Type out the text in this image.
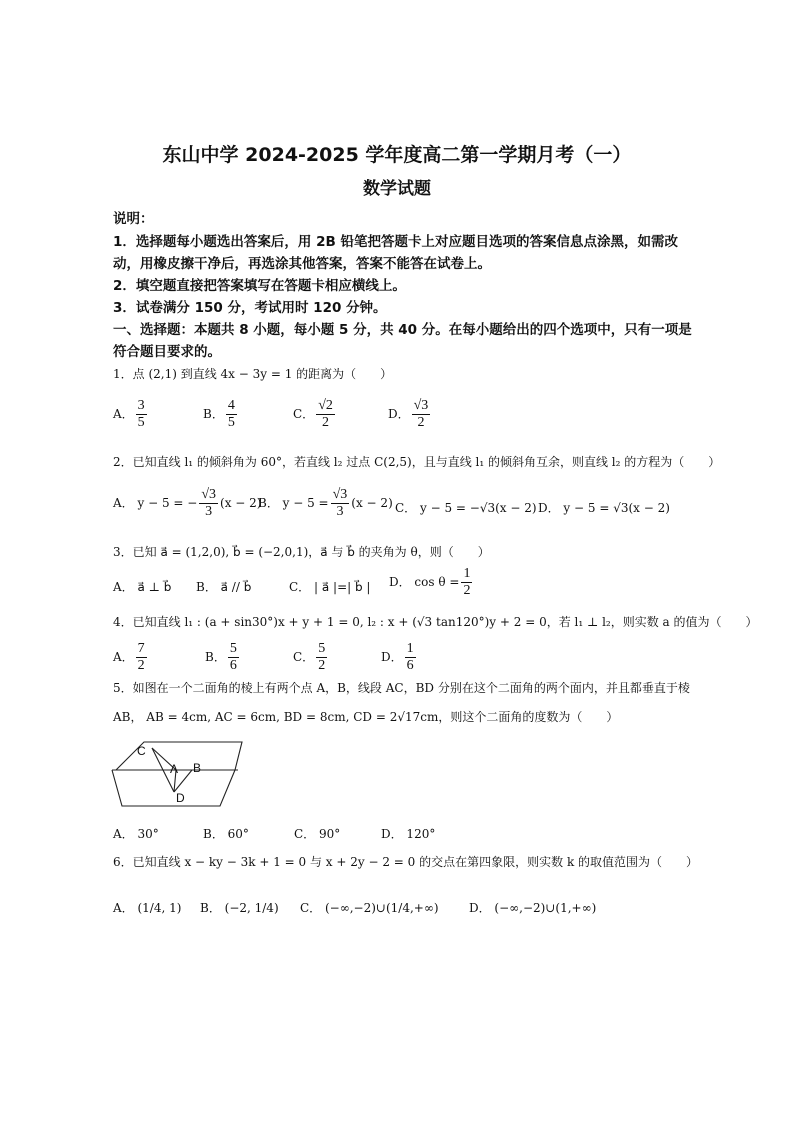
东山中学 2024-2025 学年度高二第一学期月考（一）
数学试题
说明：
1．选择题每小题选出答案后，用 2B 铅笔把答题卡上对应题目选项的答案信息点涂黑，如需改
动，用橡皮擦干净后，再选涂其他答案，答案不能答在试卷上。
2．填空题直接把答案填写在答题卡相应横线上。
3．试卷满分 150 分，考试用时 120 分钟。
一、选择题：本题共 8 小题，每小题 5 分，共 40 分。在每小题给出的四个选项中，只有一项是
符合题目要求的。
1．点 (2,1) 到直线 4x − 3y = 1 的距离为（　　）
A． $\frac{3}{5}$	B． $\frac{4}{5}$	C． $\frac{√2}{2}$	D． $\frac{√3}{2}$
2．已知直线 l₁ 的倾斜角为 60°，若直线 l₂ 过点 C(2,5)，且与直线 l₁ 的倾斜角互余，则直线 l₂ 的方程为（　　）
A． y − 5 = − $\frac{√3}{3} (x - 2)$
B． $y - 5 = \frac{√3}{3} (x - 2)$ C． y − 5 = −√3(x − 2) D． y − 5 = √3(x − 2)
3．已知 a⃗ = (1,2,0), b⃗ = (−2,0,1)，a⃗ 与 b⃗ 的夹角为 θ，则（　　）
A． a⃗ ⊥ b⃗ B． a⃗ // b⃗	C． | a⃗ |=| b⃗ | D． $\cos \theta = \frac{1}{2}$
4．已知直线 l₁ : (a + sin30°)x + y + 1 = 0, l₂ : x + (√3 tan120°)y + 2 = 0，若 l₁ ⊥ l₂，则实数 a 的值为（　　）
A． $\frac{7}{2}$	B． $\frac{5}{6}$	C． $\frac{5}{2}$	D． $\frac{1}{6}$
5．如图在一个二面角的棱上有两个点 A，B，线段 AC，BD 分别在这个二面角的两个面内，并且都垂直于棱
AB， AB = 4cm, AC = 6cm, BD = 8cm, CD = 2√17cm，则这个二面角的度数为（　　）
C
A B
D
A． 30°	B． 60°	C． 90°	D． 120°
6．已知直线 x − ky − 3k + 1 = 0 与 x + 2y − 2 = 0 的交点在第四象限，则实数 k 的取值范围为（　　）
A． (1/4, 1) B． (−2, 1/4) C． (−∞,−2)∪(1/4,+∞)	D． (−∞,−2)∪(1,+∞)
